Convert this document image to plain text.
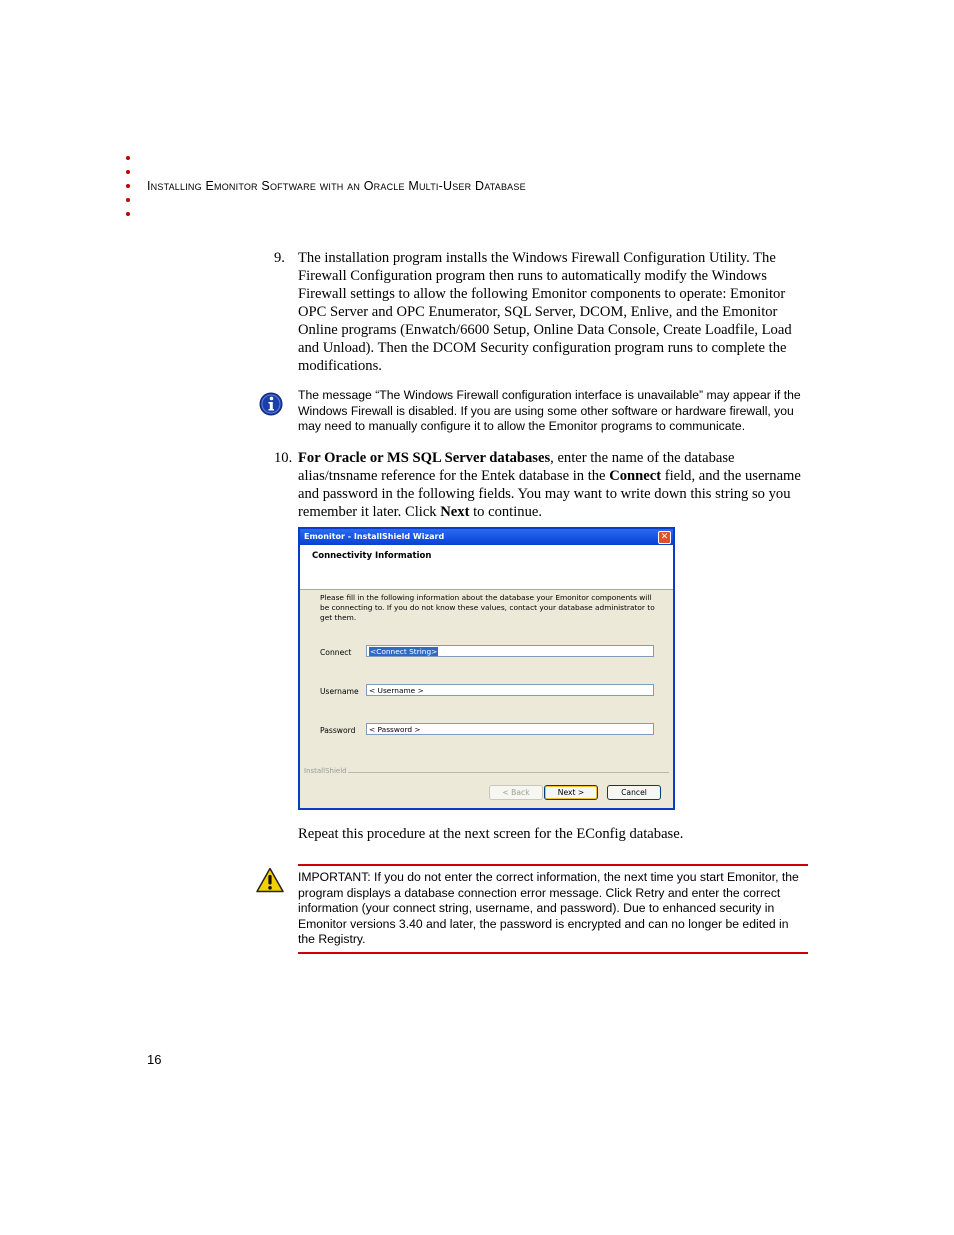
Installing Emonitor Software with an Oracle Multi-User Database
9. The installation program installs the Windows Firewall Configuration Utility. The Firewall Configuration program then runs to automatically modify the Windows Firewall settings to allow the following Emonitor components to operate: Emonitor OPC Server and OPC Enumerator, SQL Server, DCOM, Enlive, and the Emonitor Online programs (Enwatch/6600 Setup, Online Data Console, Create Loadfile, Load and Unload). Then the DCOM Security configuration program runs to complete the modifications.
The message “The Windows Firewall configuration interface is unavailable” may appear if the Windows Firewall is disabled. If you are using some other software or hardware firewall, you may need to manually configure it to allow the Emonitor programs to communicate.
10. For Oracle or MS SQL Server databases, enter the name of the database alias/tnsname reference for the Entek database in the Connect field, and the username and password in the following fields. You may want to write down this string so you remember it later. Click Next to continue.
Emonitor - InstallShield Wizard	✕
Connectivity Information
Please fill in the following information about the database your Emonitor components will be connecting to. If you do not know these values, contact your database administrator to get them.
Connect	<Connect String>
Username	< Username >
Password	< Password >
InstallShield
< Back	Next >	Cancel
Repeat this procedure at the next screen for the EConfig database.
IMPORTANT: If you do not enter the correct information, the next time you start Emonitor, the program displays a database connection error message. Click Retry and enter the correct information (your connect string, username, and password). Due to enhanced security in Emonitor versions 3.40 and later, the password is encrypted and can no longer be edited in the Registry.
16
